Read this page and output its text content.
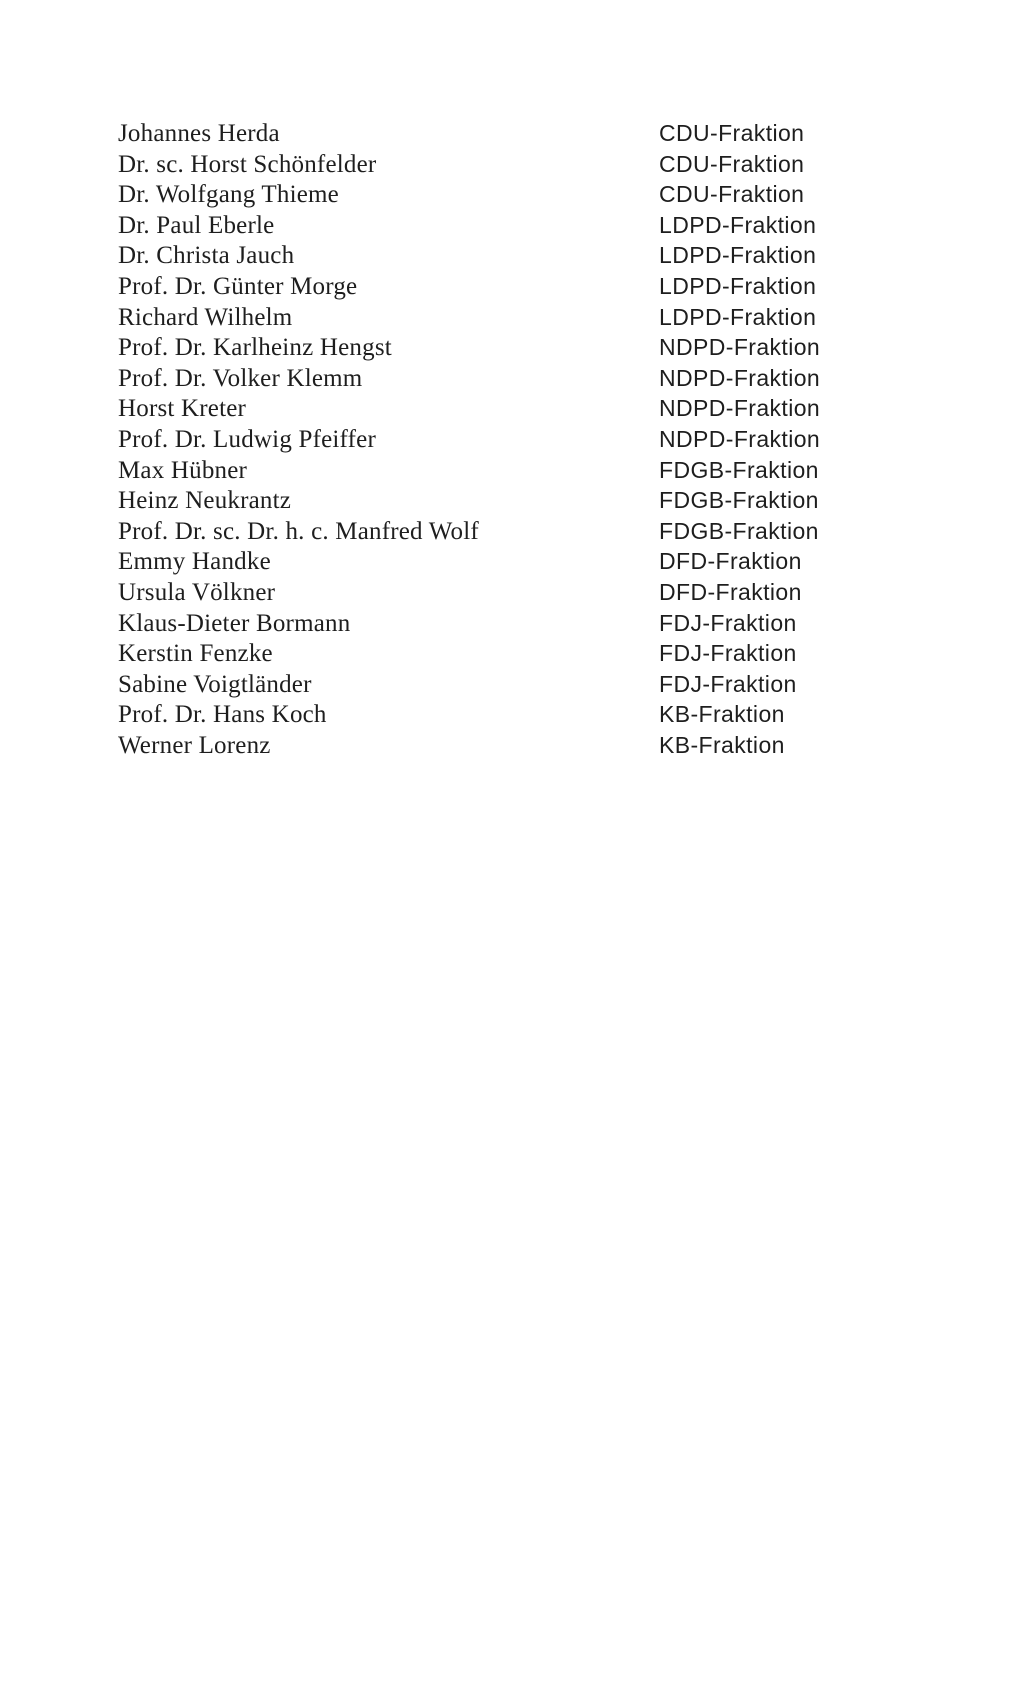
Johannes Herda	CDU-Fraktion
Dr. sc. Horst Schönfelder	CDU-Fraktion
Dr. Wolfgang Thieme	CDU-Fraktion
Dr. Paul Eberle	LDPD-Fraktion
Dr. Christa Jauch	LDPD-Fraktion
Prof. Dr. Günter Morge	LDPD-Fraktion
Richard Wilhelm	LDPD-Fraktion
Prof. Dr. Karlheinz Hengst	NDPD-Fraktion
Prof. Dr. Volker Klemm	NDPD-Fraktion
Horst Kreter	NDPD-Fraktion
Prof. Dr. Ludwig Pfeiffer	NDPD-Fraktion
Max Hübner	FDGB-Fraktion
Heinz Neukrantz	FDGB-Fraktion
Prof. Dr. sc. Dr. h. c. Manfred Wolf	FDGB-Fraktion
Emmy Handke	DFD-Fraktion
Ursula Völkner	DFD-Fraktion
Klaus-Dieter Bormann	FDJ-Fraktion
Kerstin Fenzke	FDJ-Fraktion
Sabine Voigtländer	FDJ-Fraktion
Prof. Dr. Hans Koch	KB-Fraktion
Werner Lorenz	KB-Fraktion
